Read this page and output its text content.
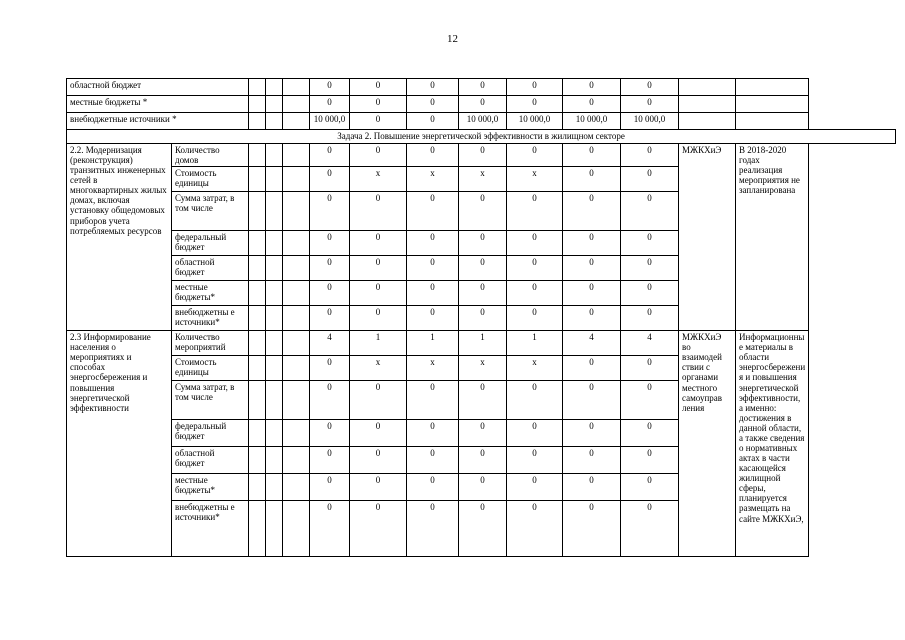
12
областной бюджет					0	0	0	0	0	0	0		
местные бюджеты *					0	0	0	0	0	0	0		
внебюджетные источники *					10 000,0	0	0	10 000,0	10 000,0	10 000,0	10 000,0		
Задача 2. Повышение энергетической эффективности в жилищном секторе													
2.2. Модернизация (реконструкция) транзитных инженерных сетей в многоквартирных жилых домах, включая установку общедомовых приборов учета потребляемых ресурсов	Количество домов				0	0	0	0	0	0	0	МЖКХиЭ	В 2018-2020 годах реализация мероприятия не запланирована
	Стоимость единицы				0	x	x	x	x	0	0		
	Сумма затрат, в том числе				0	0	0	0	0	0	0		
	федеральный бюджет				0	0	0	0	0	0	0		
	областной бюджет				0	0	0	0	0	0	0		
	местные бюджеты*				0	0	0	0	0	0	0		
	внебюджетны е источники*				0	0	0	0	0	0	0		
2.3 Информирование населения о мероприятиях и способах энергосбережения и повышения энергетической эффективности	Количество мероприятий				4	1	1	1	1	4	4	МЖКХиЭ во взаимодей ствии с органами местного самоуправ ления	Информационны е материалы в области энергосбережени я и повышения энергетической эффективности, а именно: достижения в данной области, а также сведения о нормативных актах в части касающейся жилищной сферы, планируется размещать на сайте МЖКХиЭ,
	Стоимость единицы				0	x	x	x	x	0	0		
	Сумма затрат, в том числе				0	0	0	0	0	0	0		
	федеральный бюджет				0	0	0	0	0	0	0		
	областной бюджет				0	0	0	0	0	0	0		
	местные бюджеты*				0	0	0	0	0	0	0		
	внебюджетны е источники*				0	0	0	0	0	0	0		
